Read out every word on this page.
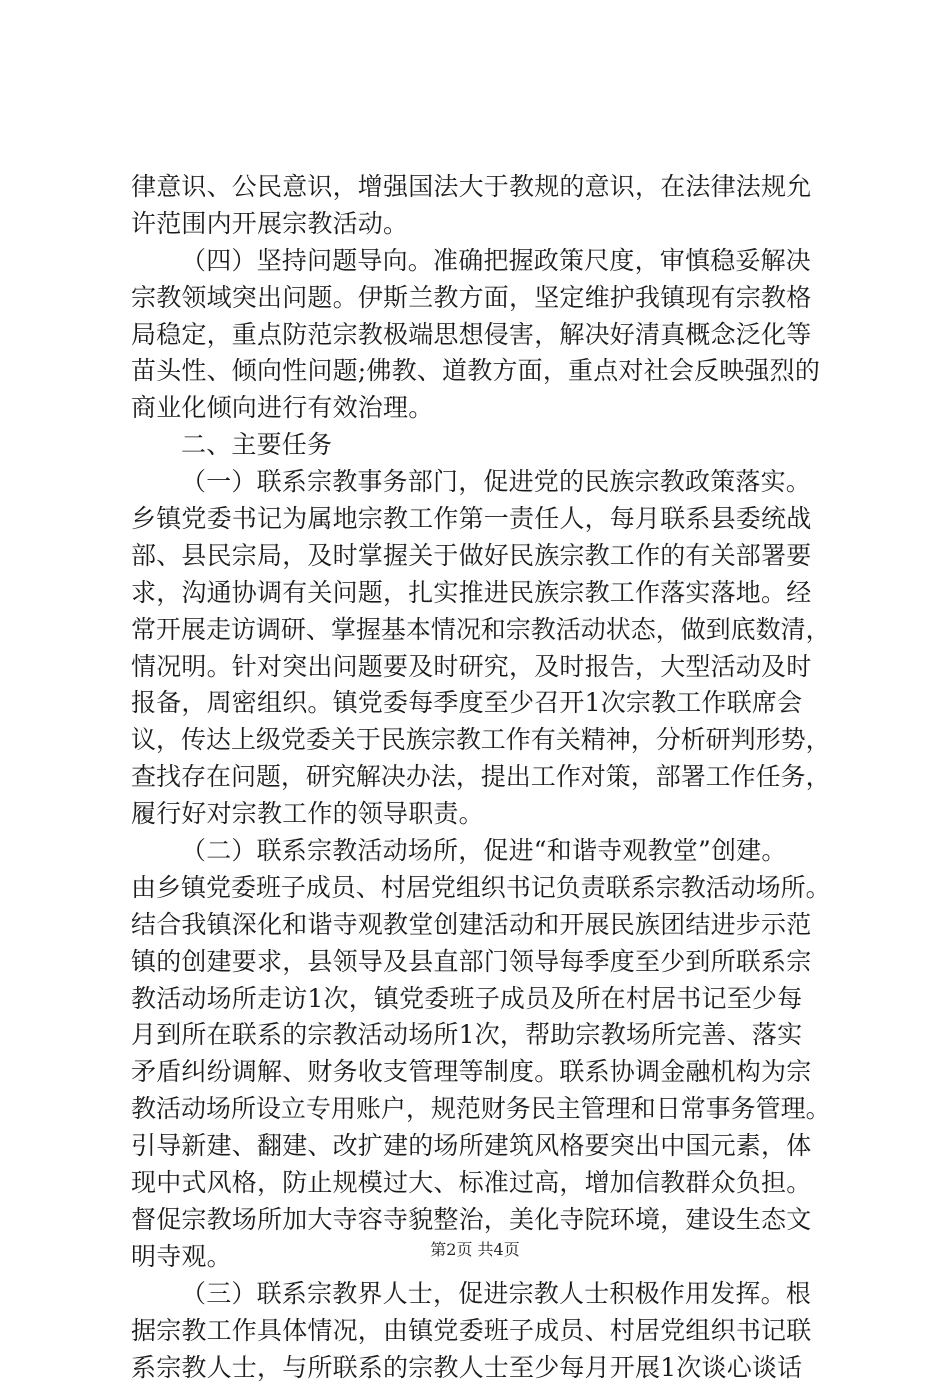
律意识、公民意识，增强国法大于教规的意识，在法律法规允
许范围内开展宗教活动。
（四）坚持问题导向。准确把握政策尺度，审慎稳妥解决
宗教领域突出问题。伊斯兰教方面，坚定维护我镇现有宗教格
局稳定，重点防范宗教极端思想侵害，解决好清真概念泛化等
苗头性、倾向性问题;佛教、道教方面，重点对社会反映强烈的
商业化倾向进行有效治理。
二、主要任务
（一）联系宗教事务部门，促进党的民族宗教政策落实。
乡镇党委书记为属地宗教工作第一责任人，每月联系县委统战
部、县民宗局，及时掌握关于做好民族宗教工作的有关部署要
求，沟通协调有关问题，扎实推进民族宗教工作落实落地。经
常开展走访调研、掌握基本情况和宗教活动状态，做到底数清，
情况明。针对突出问题要及时研究，及时报告，大型活动及时
报备，周密组织。镇党委每季度至少召开1次宗教工作联席会
议，传达上级党委关于民族宗教工作有关精神，分析研判形势，
查找存在问题，研究解决办法，提出工作对策，部署工作任务，
履行好对宗教工作的领导职责。
（二）联系宗教活动场所，促进“和谐寺观教堂”创建。
由乡镇党委班子成员、村居党组织书记负责联系宗教活动场所。
结合我镇深化和谐寺观教堂创建活动和开展民族团结进步示范
镇的创建要求，县领导及县直部门领导每季度至少到所联系宗
教活动场所走访1次，镇党委班子成员及所在村居书记至少每
月到所在联系的宗教活动场所1次，帮助宗教场所完善、落实
矛盾纠纷调解、财务收支管理等制度。联系协调金融机构为宗
教活动场所设立专用账户，规范财务民主管理和日常事务管理。
引导新建、翻建、改扩建的场所建筑风格要突出中国元素，体
现中式风格，防止规模过大、标准过高，增加信教群众负担。
督促宗教场所加大寺容寺貌整治，美化寺院环境，建设生态文
明寺观。
（三）联系宗教界人士，促进宗教人士积极作用发挥。根
据宗教工作具体情况，由镇党委班子成员、村居党组织书记联
系宗教人士，与所联系的宗教人士至少每月开展1次谈心谈话
第2页 共4页
